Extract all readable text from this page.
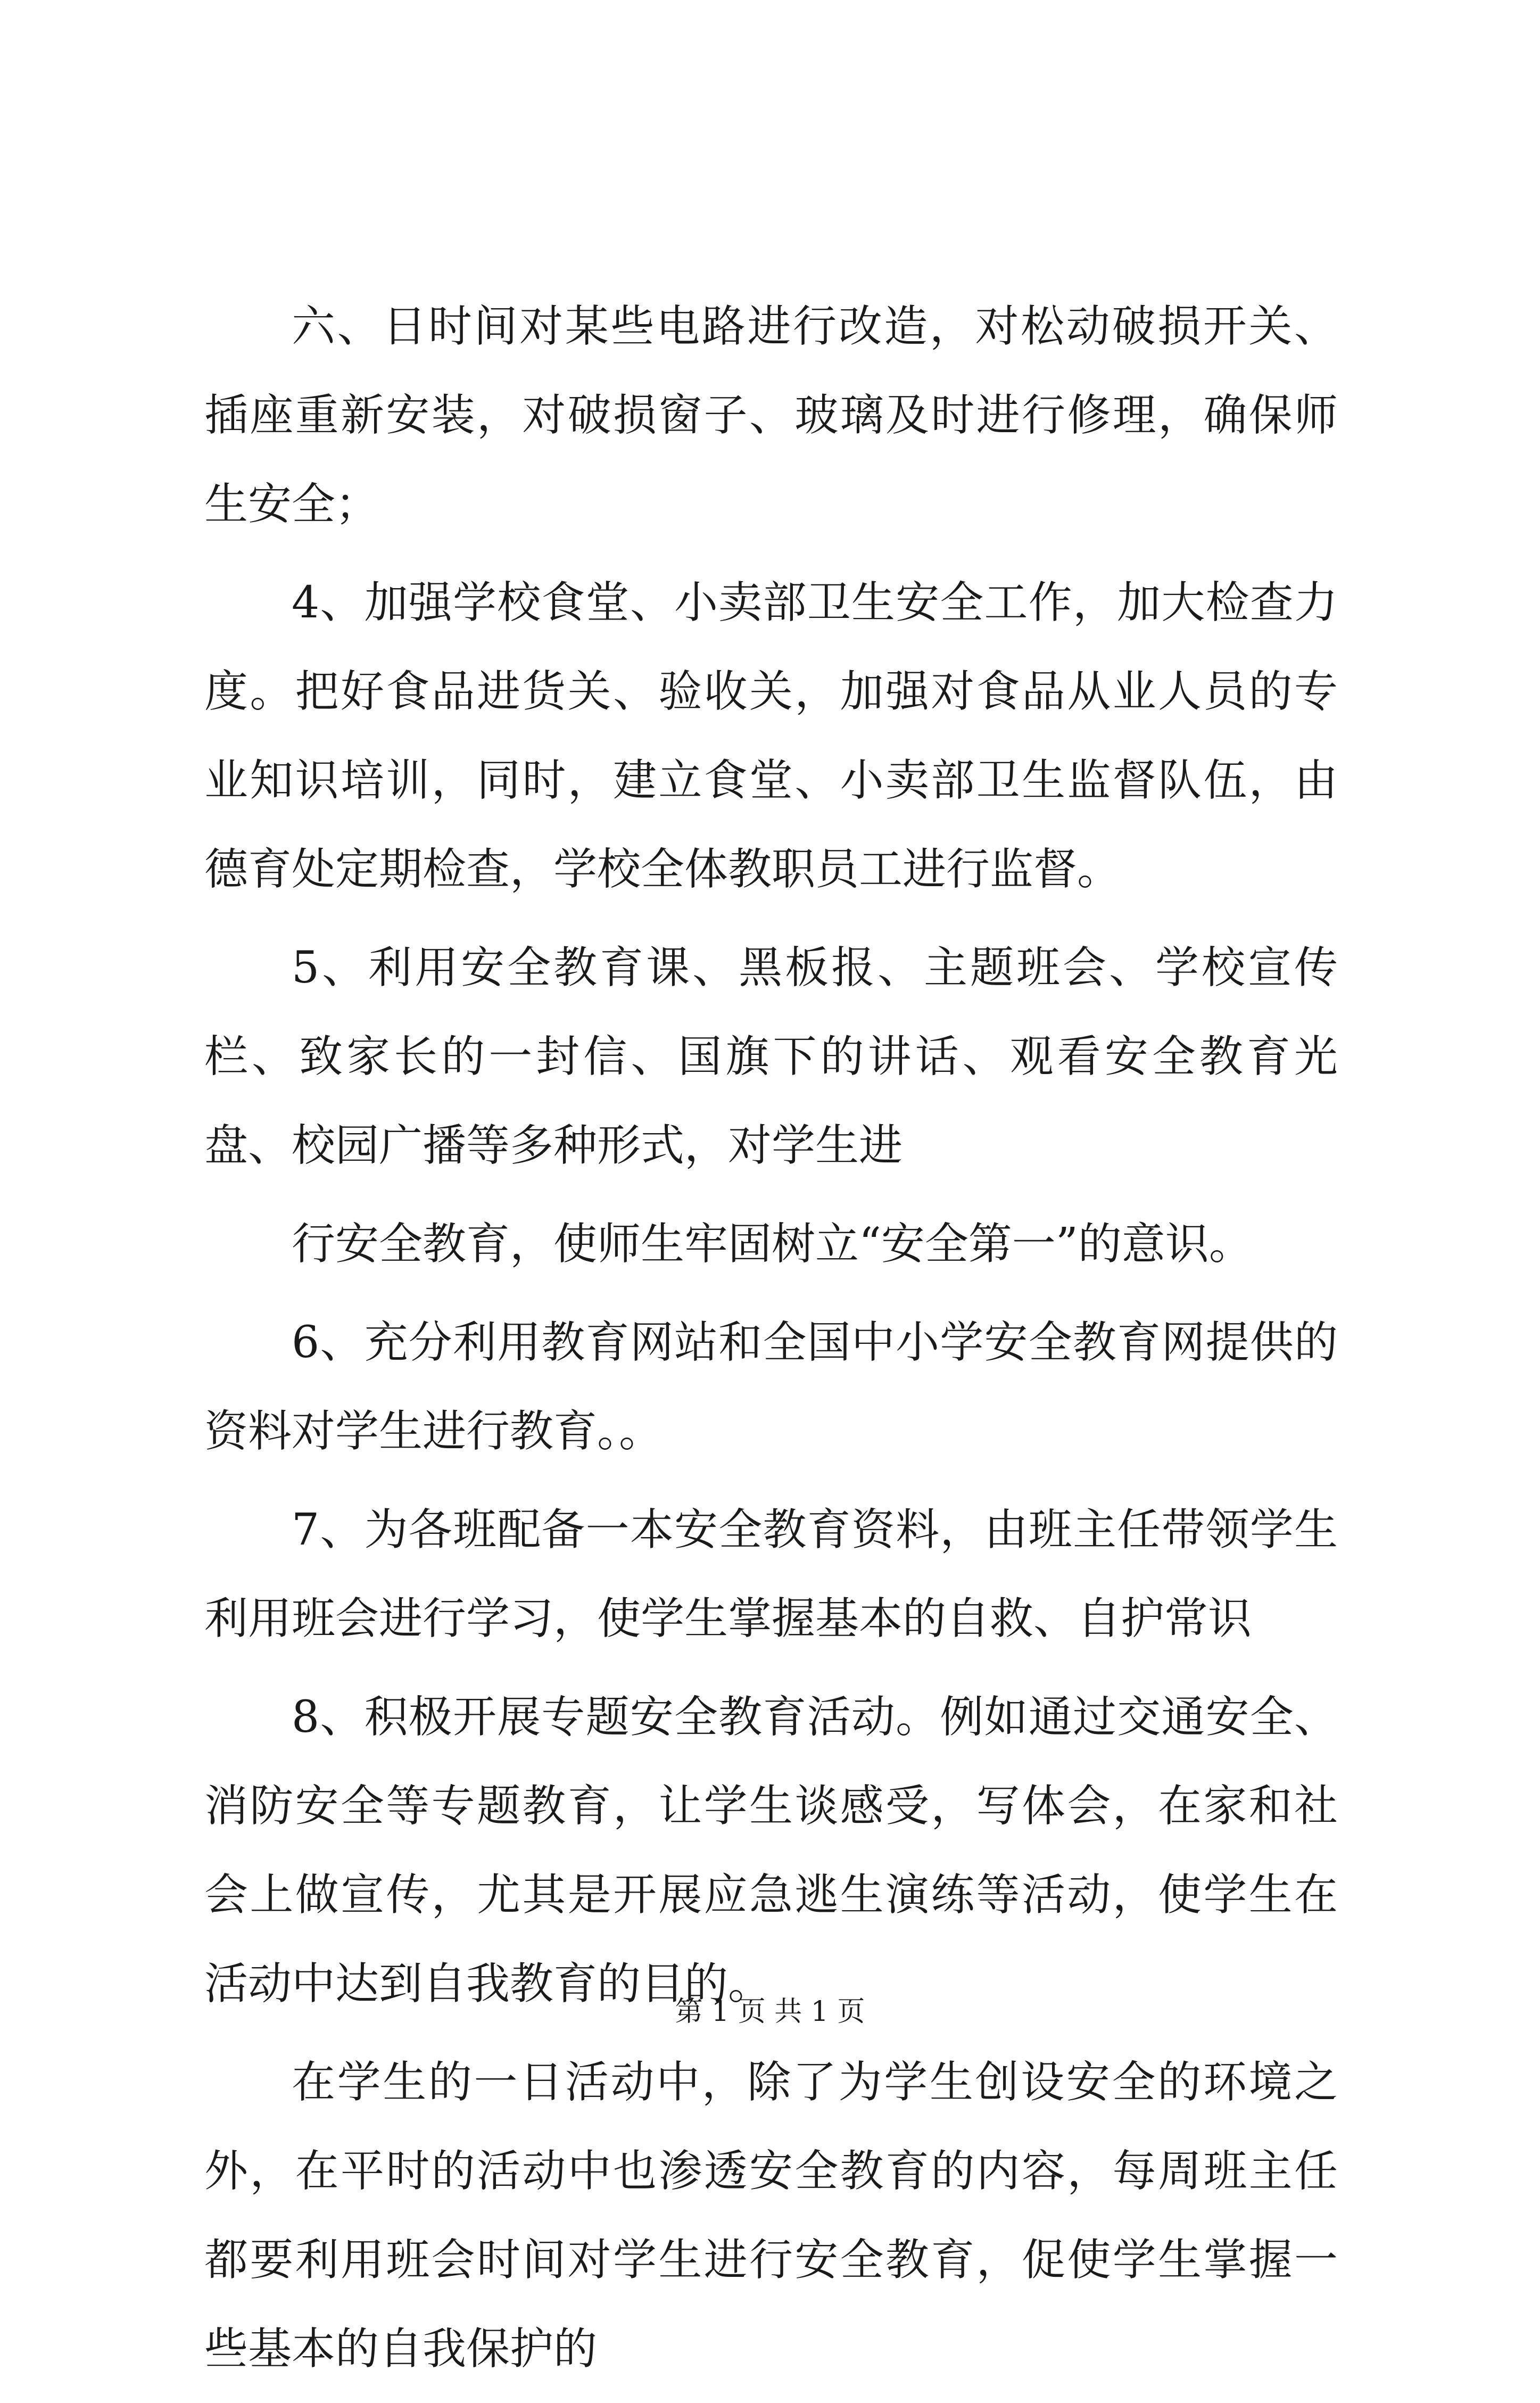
六、日时间对某些电路进行改造，对松动破损开关、插座重新安装，对破损窗子、玻璃及时进行修理，确保师生安全；

4、加强学校食堂、小卖部卫生安全工作，加大检查力度。把好食品进货关、验收关，加强对食品从业人员的专业知识培训，同时，建立食堂、小卖部卫生监督队伍，由德育处定期检查，学校全体教职员工进行监督。

5、利用安全教育课、黑板报、主题班会、学校宣传栏、致家长的一封信、国旗下的讲话、观看安全教育光盘、校园广播等多种形式，对学生进

行安全教育，使师生牢固树立“安全第一”的意识。

6、充分利用教育网站和全国中小学安全教育网提供的资料对学生进行教育。。

7、为各班配备一本安全教育资料，由班主任带领学生利用班会进行学习，使学生掌握基本的自救、自护常识

8、积极开展专题安全教育活动。例如通过交通安全、消防安全等专题教育，让学生谈感受，写体会，在家和社会上做宣传，尤其是开展应急逃生演练等活动，使学生在活动中达到自我教育的目的。

在学生的一日活动中，除了为学生创设安全的环境之外，在平时的活动中也渗透安全教育的内容，每周班主任都要利用班会时间对学生进行安全教育，促使学生掌握一些基本的自我保护的

第 1 页 共 1 页
